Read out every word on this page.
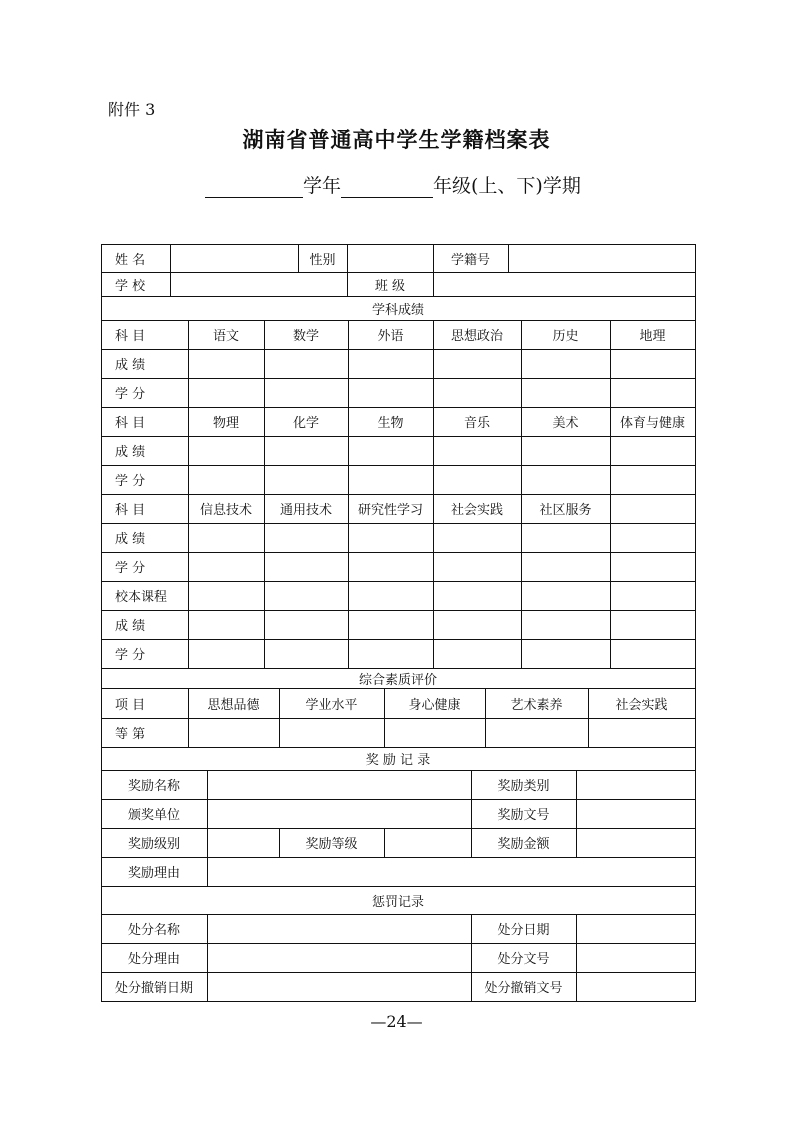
附件 3
湖南省普通高中学生学籍档案表
学年	年级(上、下)学期
姓 名	性别	学籍号
学 校	班 级
学科成绩
科 目	语文	数学	外语	思想政治	历史	地理
成 绩
学 分
科 目	物理	化学	生物	音乐	美术	体育与健康
成 绩
学 分
科 目	信息技术	通用技术	研究性学习	社会实践	社区服务
成 绩
学 分
校本课程
成 绩
学 分
综合素质评价
项 目	思想品德	学业水平	身心健康	艺术素养	社会实践
等 第
奖 励 记 录
奖励名称	奖励类别
颁奖单位	奖励文号
奖励级别	奖励等级	奖励金额
奖励理由
惩罚记录
处分名称	处分日期
处分理由	处分文号
处分撤销日期	处分撤销文号
—24—
